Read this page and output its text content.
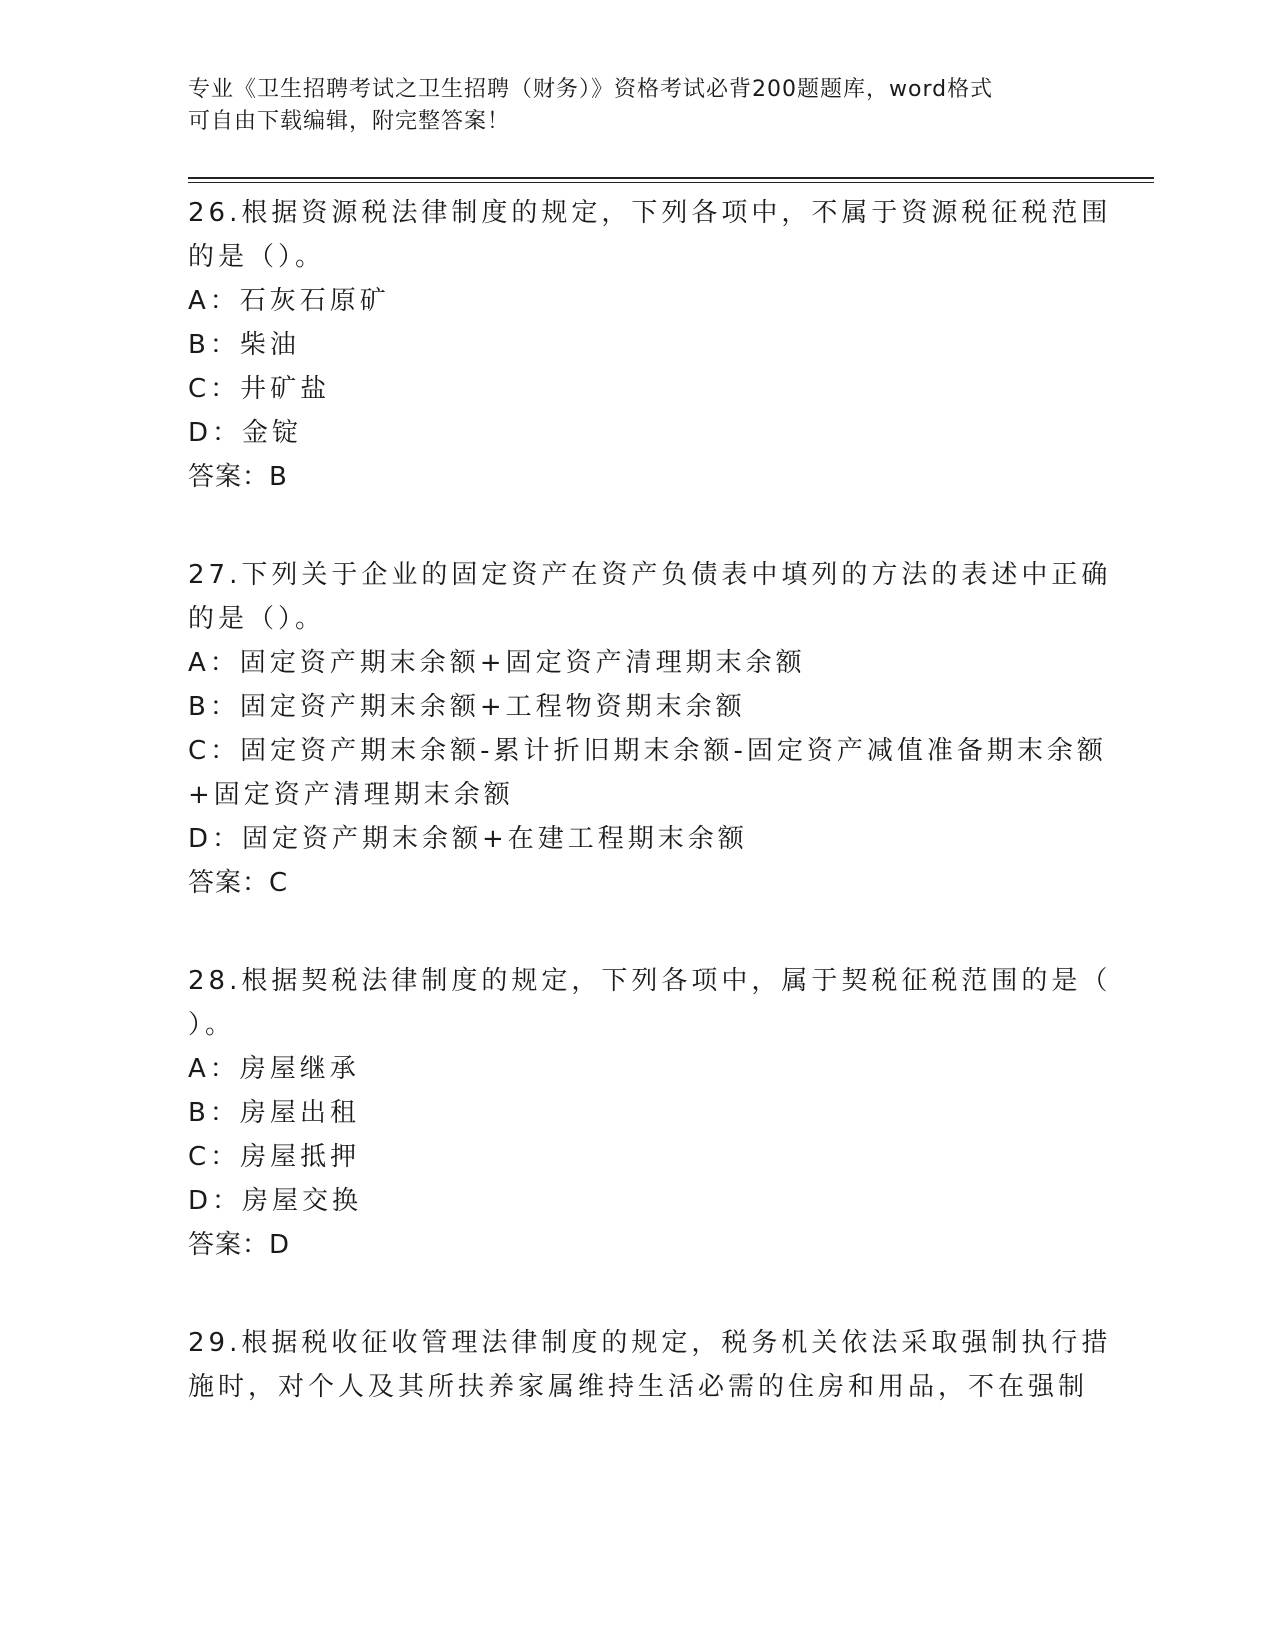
专业《卫生招聘考试之卫生招聘（财务）》资格考试必背200题题库，word格式
可自由下载编辑，附完整答案！
26.根据资源税法律制度的规定，下列各项中，不属于资源税征税范围
的是（）。
A：石灰石原矿
B：柴油
C：井矿盐
D：金锭
答案：B
27.下列关于企业的固定资产在资产负债表中填列的方法的表述中正确
的是（）。
A：固定资产期末余额+固定资产清理期末余额
B：固定资产期末余额+工程物资期末余额
C：固定资产期末余额-累计折旧期末余额-固定资产减值准备期末余额
+固定资产清理期末余额
D：固定资产期末余额+在建工程期末余额
答案：C
28.根据契税法律制度的规定，下列各项中，属于契税征税范围的是（
）。
A：房屋继承
B：房屋出租
C：房屋抵押
D：房屋交换
答案：D
29.根据税收征收管理法律制度的规定，税务机关依法采取强制执行措
施时，对个人及其所扶养家属维持生活必需的住房和用品，不在强制
